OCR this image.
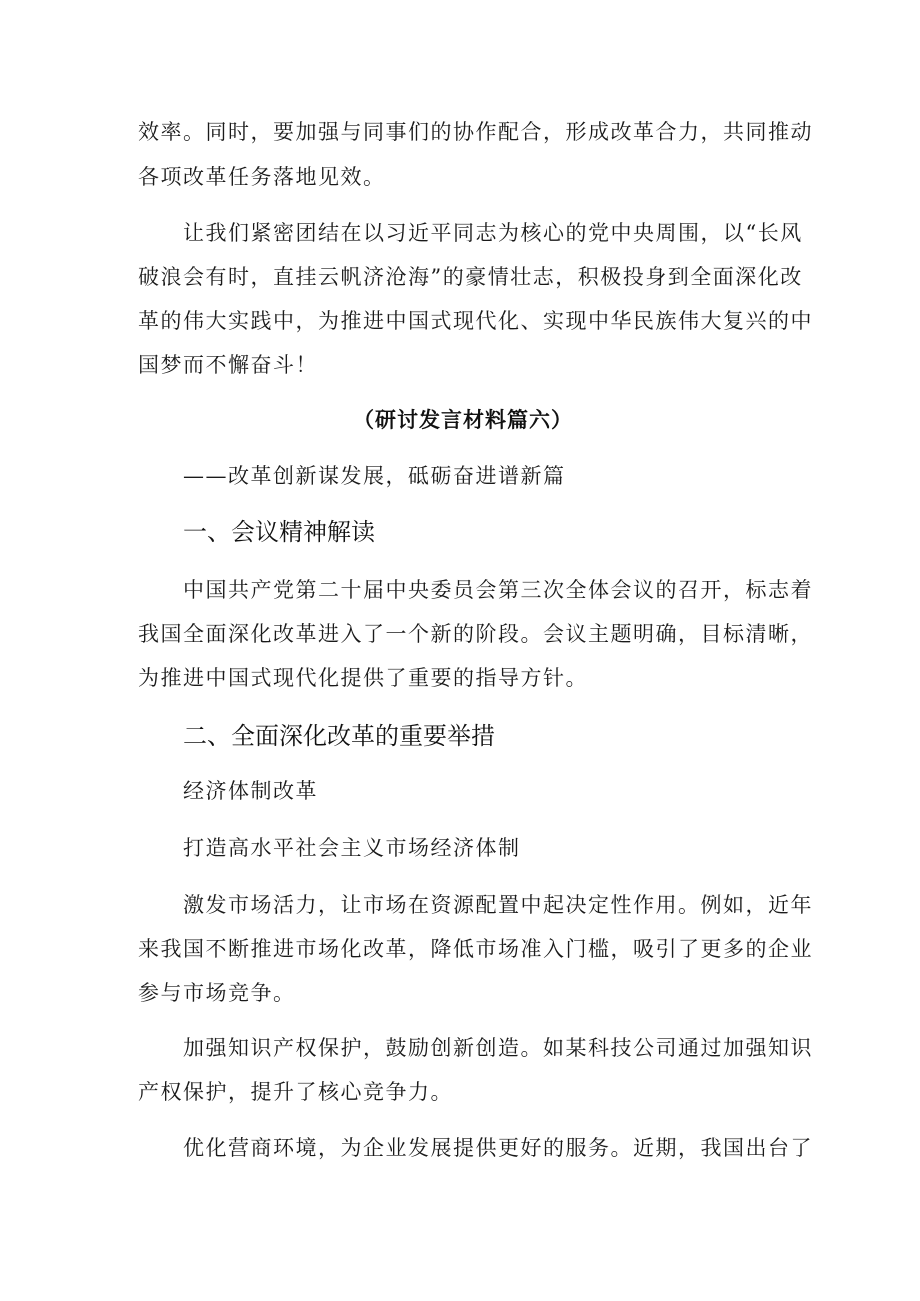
效率。同时，要加强与同事们的协作配合，形成改革合力，共同推动
各项改革任务落地见效。
让我们紧密团结在以习近平同志为核心的党中央周围，以“长风
破浪会有时，直挂云帆济沧海”的豪情壮志，积极投身到全面深化改
革的伟大实践中，为推进中国式现代化、实现中华民族伟大复兴的中
国梦而不懈奋斗！
（研讨发言材料篇六）
——改革创新谋发展，砥砺奋进谱新篇
一、会议精神解读
中国共产党第二十届中央委员会第三次全体会议的召开，标志着
我国全面深化改革进入了一个新的阶段。会议主题明确，目标清晰，
为推进中国式现代化提供了重要的指导方针。
二、全面深化改革的重要举措
经济体制改革
打造高水平社会主义市场经济体制
激发市场活力，让市场在资源配置中起决定性作用。例如，近年
来我国不断推进市场化改革，降低市场准入门槛，吸引了更多的企业
参与市场竞争。
加强知识产权保护，鼓励创新创造。如某科技公司通过加强知识
产权保护，提升了核心竞争力。
优化营商环境，为企业发展提供更好的服务。近期，我国出台了
